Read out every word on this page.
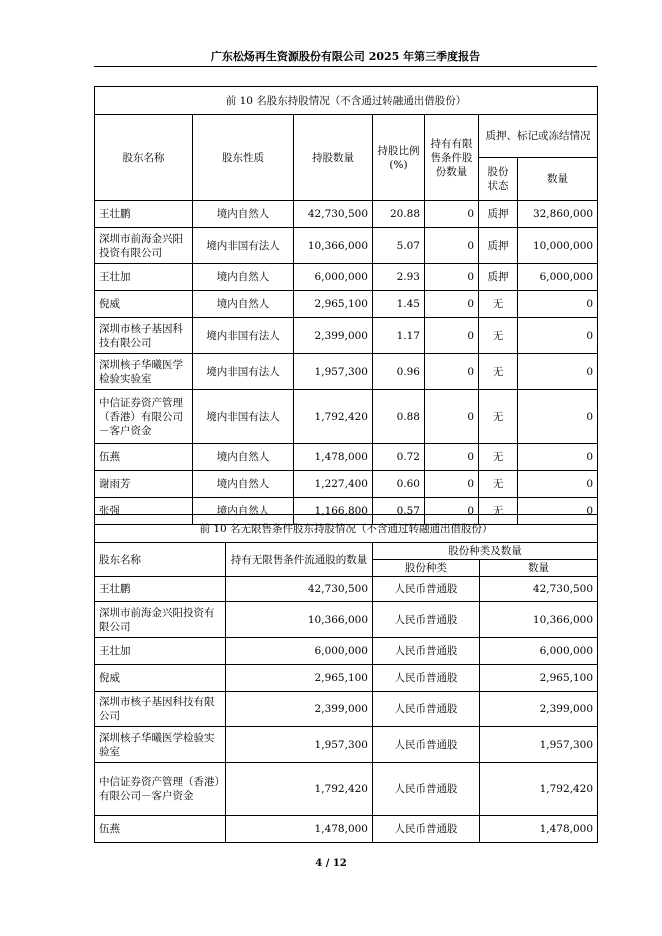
广东松炀再生资源股份有限公司 2025 年第三季度报告
前 10 名股东持股情况（不含通过转融通出借股份）						
股东名称	股东性质	持股数量	持股比例(%)	持有有限售条件股份数量	质押、标记或冻结情况	
					股份状态	数量
王壮鹏	境内自然人	42,730,500	20.88	0	质押	32,860,000
深圳市前海金兴阳投资有限公司	境内非国有法人	10,366,000	5.07	0	质押	10,000,000
王壮加	境内自然人	6,000,000	2.93	0	质押	6,000,000
倪威	境内自然人	2,965,100	1.45	0	无	0
深圳市核子基因科技有限公司	境内非国有法人	2,399,000	1.17	0	无	0
深圳核子华曦医学检验实验室	境内非国有法人	1,957,300	0.96	0	无	0
中信证券资产管理（香港）有限公司－客户资金	境内非国有法人	1,792,420	0.88	0	无	0
伍燕	境内自然人	1,478,000	0.72	0	无	0
谢雨芳	境内自然人	1,227,400	0.60	0	无	0
张强	境内自然人	1,166,800	0.57	0	无	0
前 10 名无限售条件股东持股情况（不含通过转融通出借股份）			
股东名称	持有无限售条件流通股的数量	股份种类及数量	
		股份种类	数量
王壮鹏	42,730,500	人民币普通股	42,730,500
深圳市前海金兴阳投资有限公司	10,366,000	人民币普通股	10,366,000
王壮加	6,000,000	人民币普通股	6,000,000
倪威	2,965,100	人民币普通股	2,965,100
深圳市核子基因科技有限公司	2,399,000	人民币普通股	2,399,000
深圳核子华曦医学检验实验室	1,957,300	人民币普通股	1,957,300
中信证券资产管理（香港）有限公司－客户资金	1,792,420	人民币普通股	1,792,420
伍燕	1,478,000	人民币普通股	1,478,000
4 / 12
